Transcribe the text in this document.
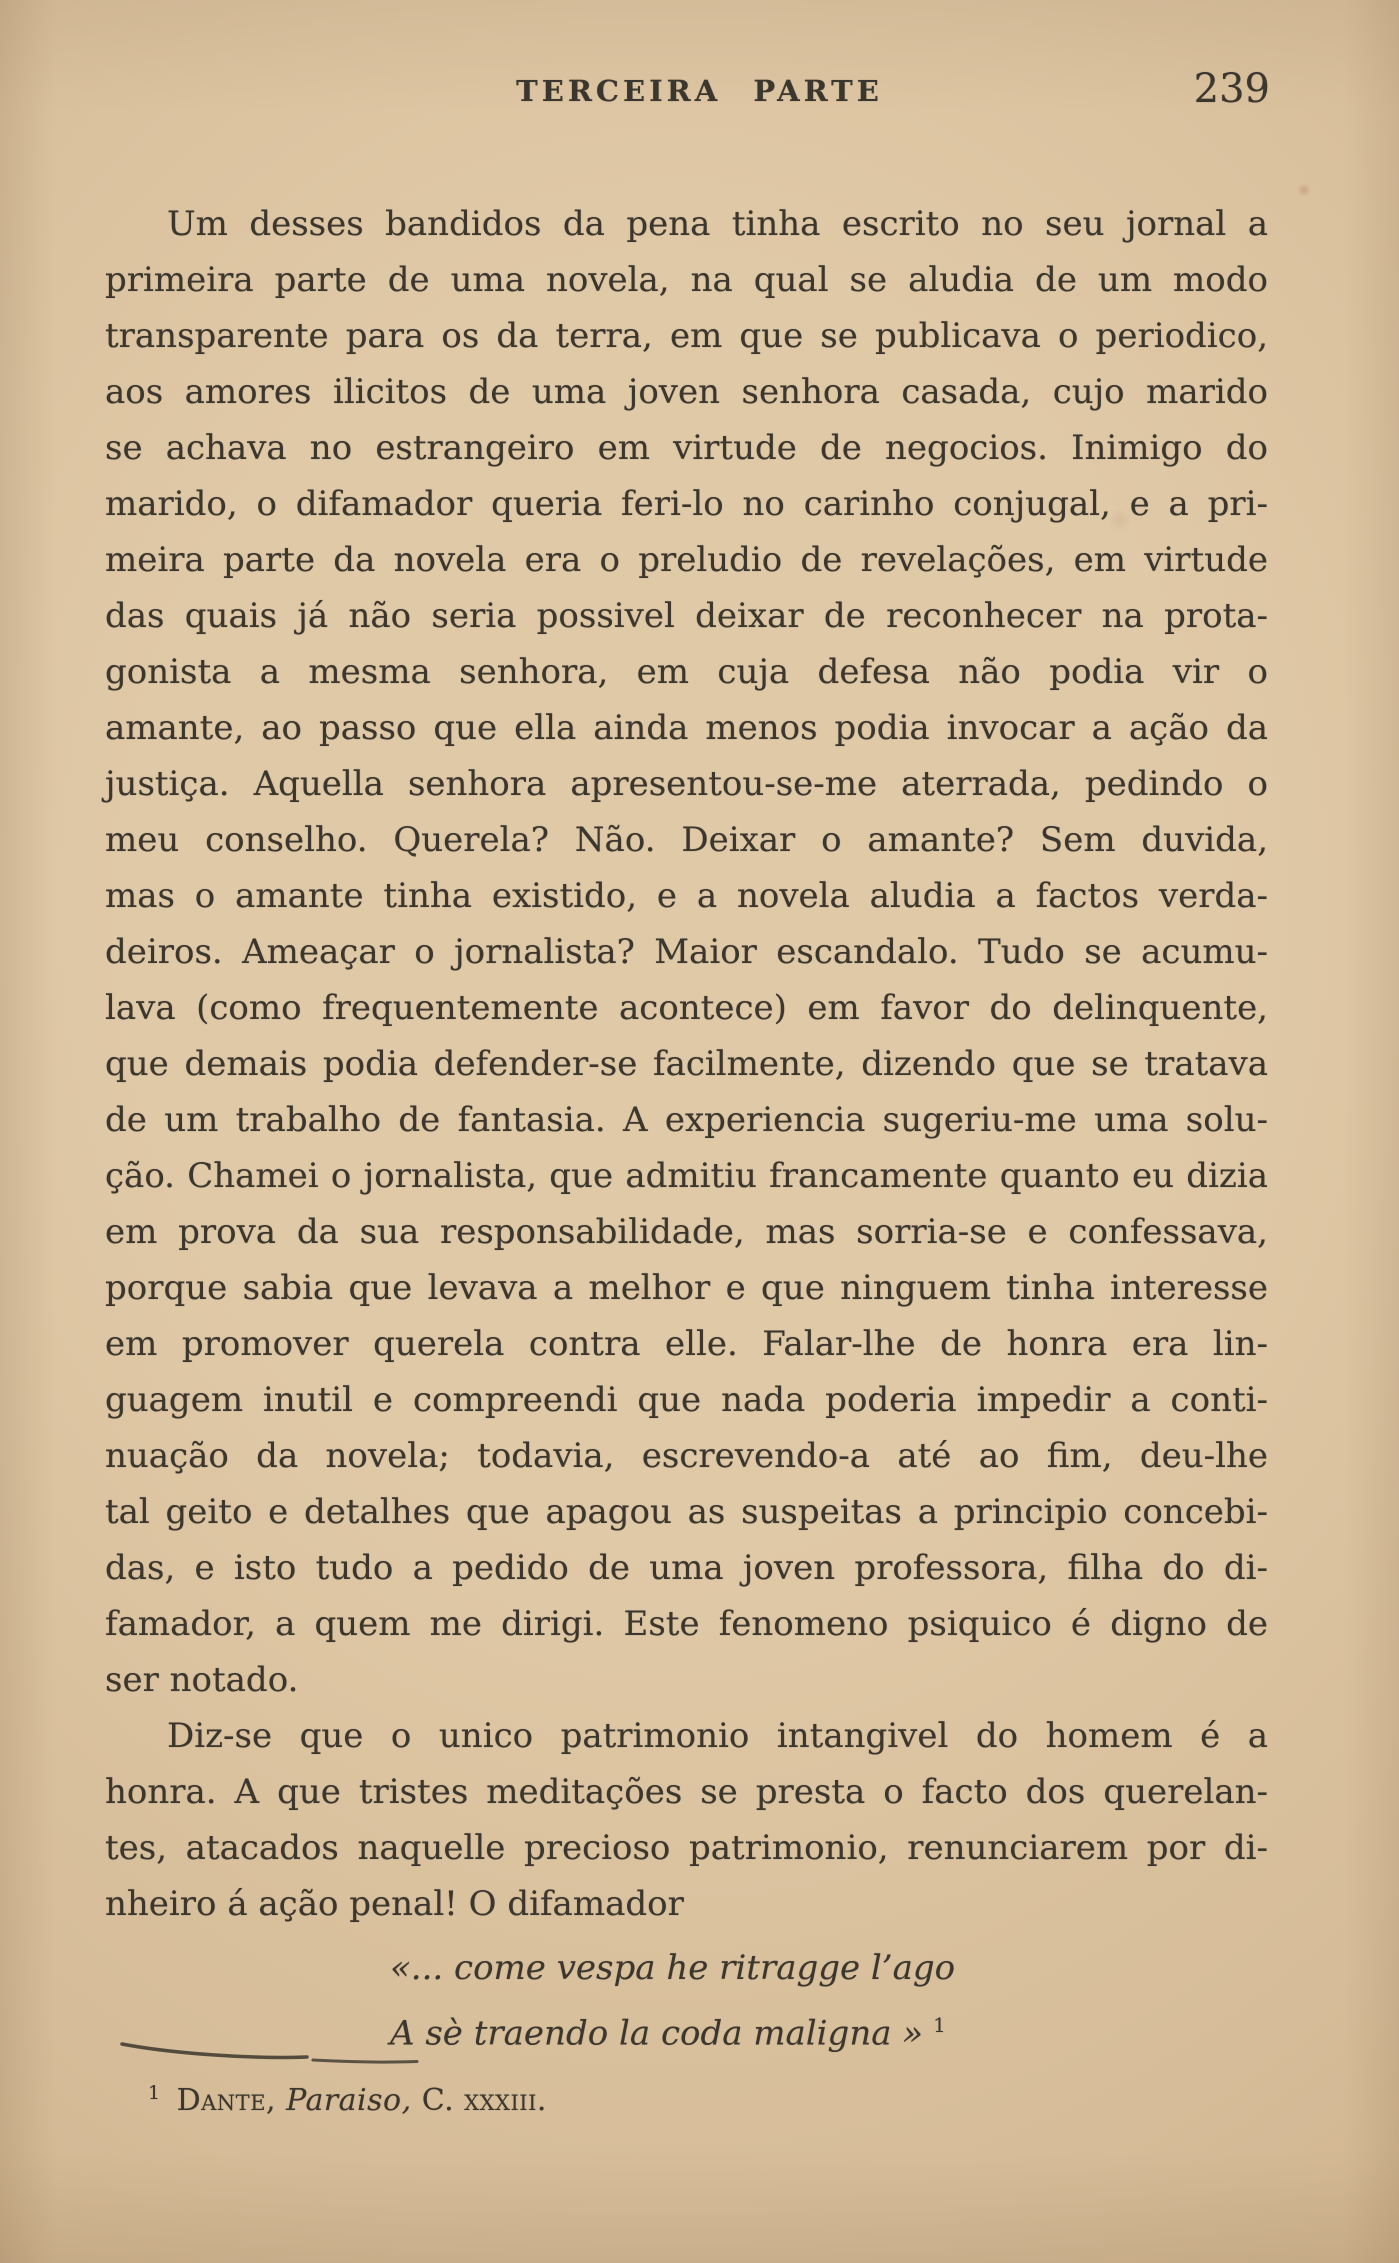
TERCEIRA PARTE	239
Um desses bandidos da pena tinha escrito no seu jornal a
primeira parte de uma novela, na qual se aludia de um modo
transparente para os da terra, em que se publicava o periodico,
aos amores ilicitos de uma joven senhora casada, cujo marido
se achava no estrangeiro em virtude de negocios. Inimigo do
marido, o difamador queria feri-lo no carinho conjugal, e a pri-
meira parte da novela era o preludio de revelações, em virtude
das quais já não seria possivel deixar de reconhecer na prota-
gonista a mesma senhora, em cuja defesa não podia vir o
amante, ao passo que ella ainda menos podia invocar a ação da
justiça. Aquella senhora apresentou-se-me aterrada, pedindo o
meu conselho. Querela? Não. Deixar o amante? Sem duvida,
mas o amante tinha existido, e a novela aludia a factos verda-
deiros. Ameaçar o jornalista? Maior escandalo. Tudo se acumu-
lava (como frequentemente acontece) em favor do delinquente,
que demais podia defender-se facilmente, dizendo que se tratava
de um trabalho de fantasia. A experiencia sugeriu-me uma solu-
ção. Chamei o jornalista, que admitiu francamente quanto eu dizia
em prova da sua responsabilidade, mas sorria-se e confessava,
porque sabia que levava a melhor e que ninguem tinha interesse
em promover querela contra elle. Falar-lhe de honra era lin-
guagem inutil e compreendi que nada poderia impedir a conti-
nuação da novela; todavia, escrevendo-a até ao fim, deu-lhe
tal geito e detalhes que apagou as suspeitas a principio concebi-
das, e isto tudo a pedido de uma joven professora, filha do di-
famador, a quem me dirigi. Este fenomeno psiquico é digno de
ser notado.
Diz-se que o unico patrimonio intangivel do homem é a
honra. A que tristes meditações se presta o facto dos querelan-
tes, atacados naquelle precioso patrimonio, renunciarem por di-
nheiro á ação penal! O difamador
«... come vespa he ritragge l’ago
A sè traendo la coda maligna » $^1$
$^1$ Dante, Paraiso, C. xxxiii.
